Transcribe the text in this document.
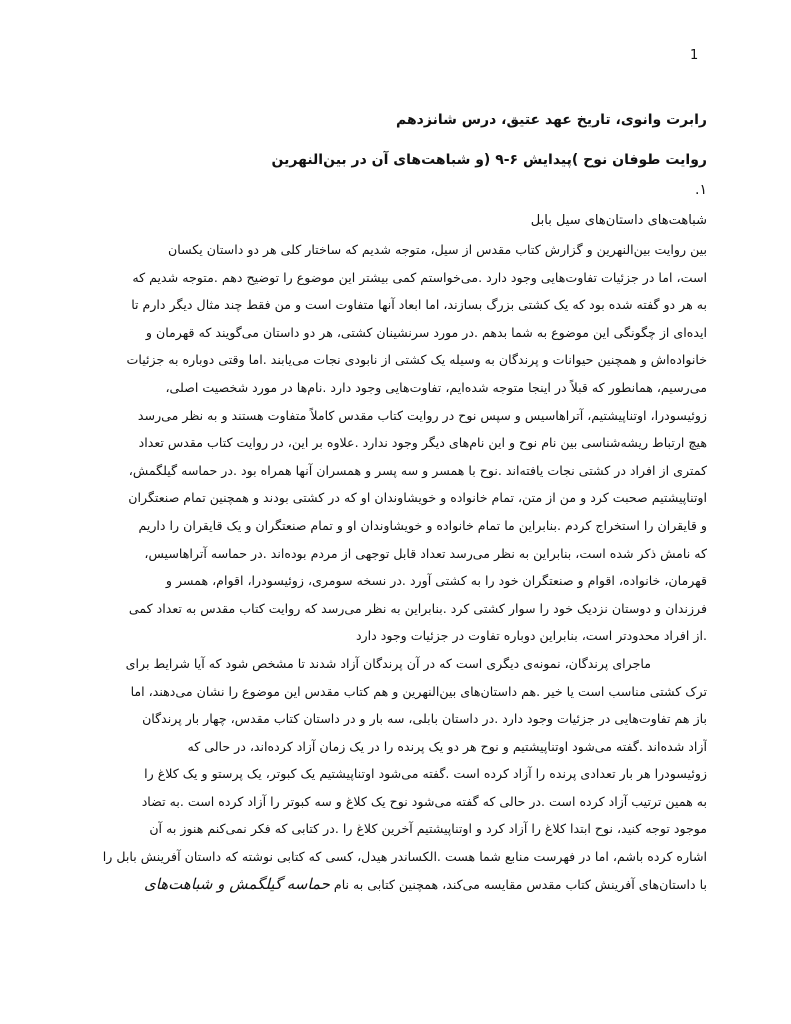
1
رابرت وانوی، تاریخ عهد عتیق، درس شانزدهم
روایت طوفان نوح )پیدایش ۶-۹ (و شباهت‌های آن در بین‌النهرین
۱.
شباهت‌های داستان‌های سیل بابل

بین روایت بین‌النهرین و گزارش کتاب مقدس از سیل، متوجه شدیم که ساختار کلی هر دو داستان یکسان
است، اما در جزئیات تفاوت‌هایی وجود دارد .می‌خواستم کمی بیشتر این موضوع را توضیح دهم .متوجه شدیم که
به هر دو گفته شده بود که یک کشتی بزرگ بسازند، اما ابعاد آنها متفاوت است و من فقط چند مثال دیگر دارم تا
ایده‌ای از چگونگی این موضوع به شما بدهم .در مورد سرنشینان کشتی، هر دو داستان می‌گویند که قهرمان و
خانواده‌اش و همچنین حیوانات و پرندگان به وسیله یک کشتی از نابودی نجات می‌یابند .اما وقتی دوباره به جزئیات
می‌رسیم، همانطور که قبلاً در اینجا متوجه شده‌ایم، تفاوت‌هایی وجود دارد .نام‌ها در مورد شخصیت اصلی،
زوئیسودرا، اوتناپیشتیم، آتراهاسیس و سپس نوح در روایت کتاب مقدس کاملاً متفاوت هستند و به نظر می‌رسد
هیچ ارتباط ریشه‌شناسی بین نام نوح و این نام‌های دیگر وجود ندارد .علاوه بر این، در روایت کتاب مقدس تعداد
کمتری از افراد در کشتی نجات یافته‌اند .نوح با همسر و سه پسر و همسران آنها همراه بود .در حماسه گیلگمش،
اوتناپیشتیم صحبت کرد و من از متن، تمام خانواده و خویشاوندان او که در کشتی بودند و همچنین تمام صنعتگران
و قایقران را استخراج کردم .بنابراین ما تمام خانواده و خویشاوندان او و تمام صنعتگران و یک قایقران را داریم
که نامش ذکر شده است، بنابراین به نظر می‌رسد تعداد قابل توجهی از مردم بوده‌اند .در حماسه آتراهاسیس،
قهرمان، خانواده، اقوام و صنعتگران خود را به کشتی آورد .در نسخه سومری، زوئیسودرا، اقوام، همسر و
فرزندان و دوستان نزدیک خود را سوار کشتی کرد .بنابراین به نظر می‌رسد که روایت کتاب مقدس به تعداد کمی
.از افراد محدودتر است، بنابراین دوباره تفاوت در جزئیات وجود دارد

ماجرای پرندگان، نمونه‌ی دیگری است که در آن پرندگان آزاد شدند تا مشخص شود که آیا شرایط برای
ترک کشتی مناسب است یا خیر .هم داستان‌های بین‌النهرین و هم کتاب مقدس این موضوع را نشان می‌دهند، اما
باز هم تفاوت‌هایی در جزئیات وجود دارد .در داستان بابلی، سه بار و در داستان کتاب مقدس، چهار بار پرندگان
آزاد شده‌اند .گفته می‌شود اوتناپیشتیم و نوح هر دو یک پرنده را در یک زمان آزاد کرده‌اند، در حالی که
زوئیسودرا هر بار تعدادی پرنده را آزاد کرده است .گفته می‌شود اوتناپیشتیم یک کبوتر، یک پرستو و یک کلاغ را
به همین ترتیب آزاد کرده است .در حالی که گفته می‌شود نوح یک کلاغ و سه کبوتر را آزاد کرده است .به تضاد
موجود توجه کنید، نوح ابتدا کلاغ را آزاد کرد و اوتناپیشتیم آخرین کلاغ را .در کتابی که فکر نمی‌کنم هنوز به آن
اشاره کرده باشم، اما در فهرست منابع شما هست .الکساندر هیدل، کسی که کتابی نوشته که داستان آفرینش بابل را
با داستان‌های آفرینش کتاب مقدس مقایسه می‌کند، همچنین کتابی به نام حماسه گیلگمش و شباهت‌های
